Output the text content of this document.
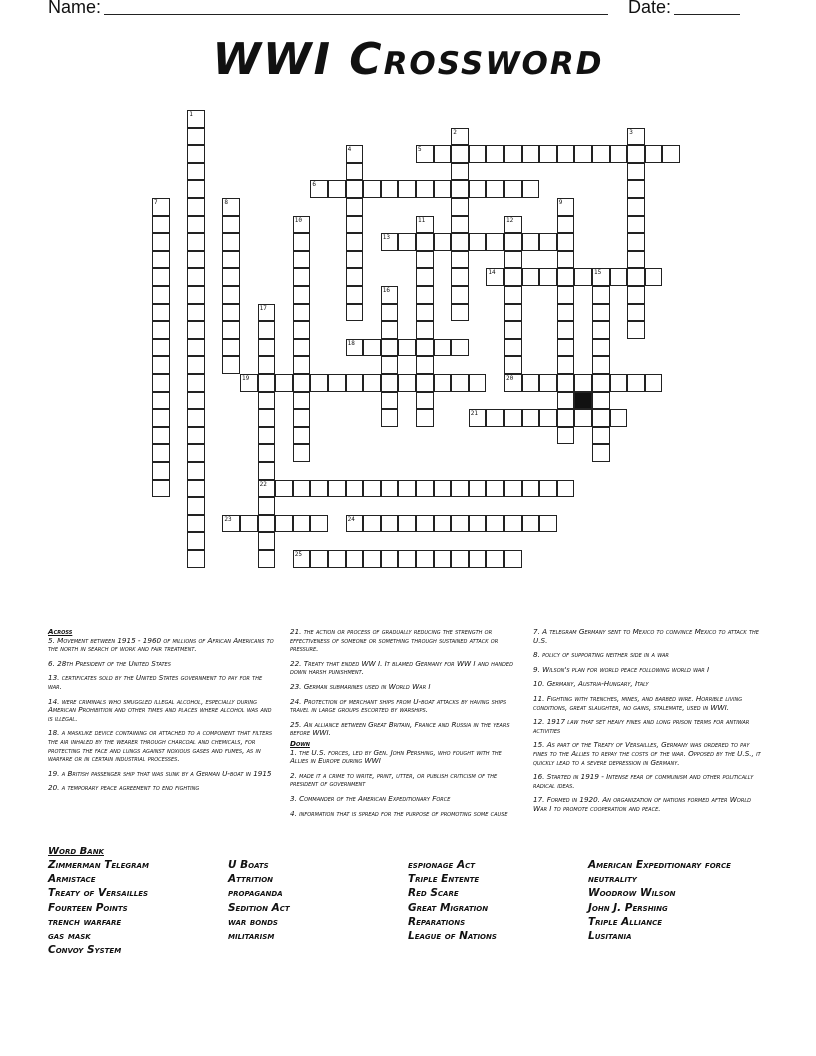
Name:	Date:
WWI Crossword
1
2	3
4	5
6
7	8	9
10	11	12
13
14	15
16
17
18
19	20
21
22
23	24
25

Across

5. Movement between 1915 - 1960 of millions of African Americans to the north in search of work and fair treatment.

6. 28th President of the United States

13. certificates sold by the United States government to pay for the war.

14. were criminals who smuggled illegal alcohol, especially during American Prohibition and other times and places where alcohol was and is illegal.

18. a masklike device containing or attached to a component that filters the air inhaled by the wearer through charcoal and chemicals, for protecting the face and lungs against noxious gases and fumes, as in warfare or in certain industrial processes.

19. a British passenger ship that was sunk by a German U-boat in 1915

20. a temporary peace agreement to end fighting

21. the action or process of gradually reducing the strength or effectiveness of someone or something through sustained attack or pressure.

22. Treaty that ended WW I. It blamed Germany for WW I and handed down harsh punishment.

23. German submarines used in World War I

24. Protection of merchant ships from U-boat attacks by having ships travel in large groups escorted by warships.

25. An alliance between Great Britain, France and Russia in the years before WWI.

Down

1. the U.S. forces, led by Gen. John Pershing, who fought with the Allies in Europe during WWI

2. made it a crime to write, print, utter, or publish criticism of the president of government

3. Commander of the American Expeditionary Force

4. information that is spread for the purpose of promoting some cause

7. A telegram Germany sent to Mexico to convince Mexico to attack the U.S.

8. policy of supporting neither side in a war

9. Wilson's plan for world peace following world war I

10. Germany, Austria-Hungary, Italy

11. Fighting with trenches, mines, and barbed wire. Horrible living conditions, great slaughter, no gains, stalemate, used in WWI.

12. 1917 law that set heavy fines and long prison terms for antiwar activities

15. As part of the Treaty of Versailles, Germany was ordered to pay fines to the Allies to repay the costs of the war. Opposed by the U.S., it quickly lead to a severe depression in Germany.

16. Started in 1919 - Intense fear of communism and other politically radical ideas.

17. Formed in 1920. An organization of nations formed after World War I to promote cooperation and peace.

Word Bank
Zimmerman Telegram
Armistace
Treaty of Versailles
Fourteen Points
trench warfare
gas mask
Convoy System
U Boats
Attrition
propaganda
Sedition Act
war bonds
militarism
espionage Act
Triple Entente
Red Scare
Great Migration
Reparations
League of Nations
American Expeditionary force
neutrality
Woodrow Wilson
John J. Pershing
Triple Alliance
Lusitania
